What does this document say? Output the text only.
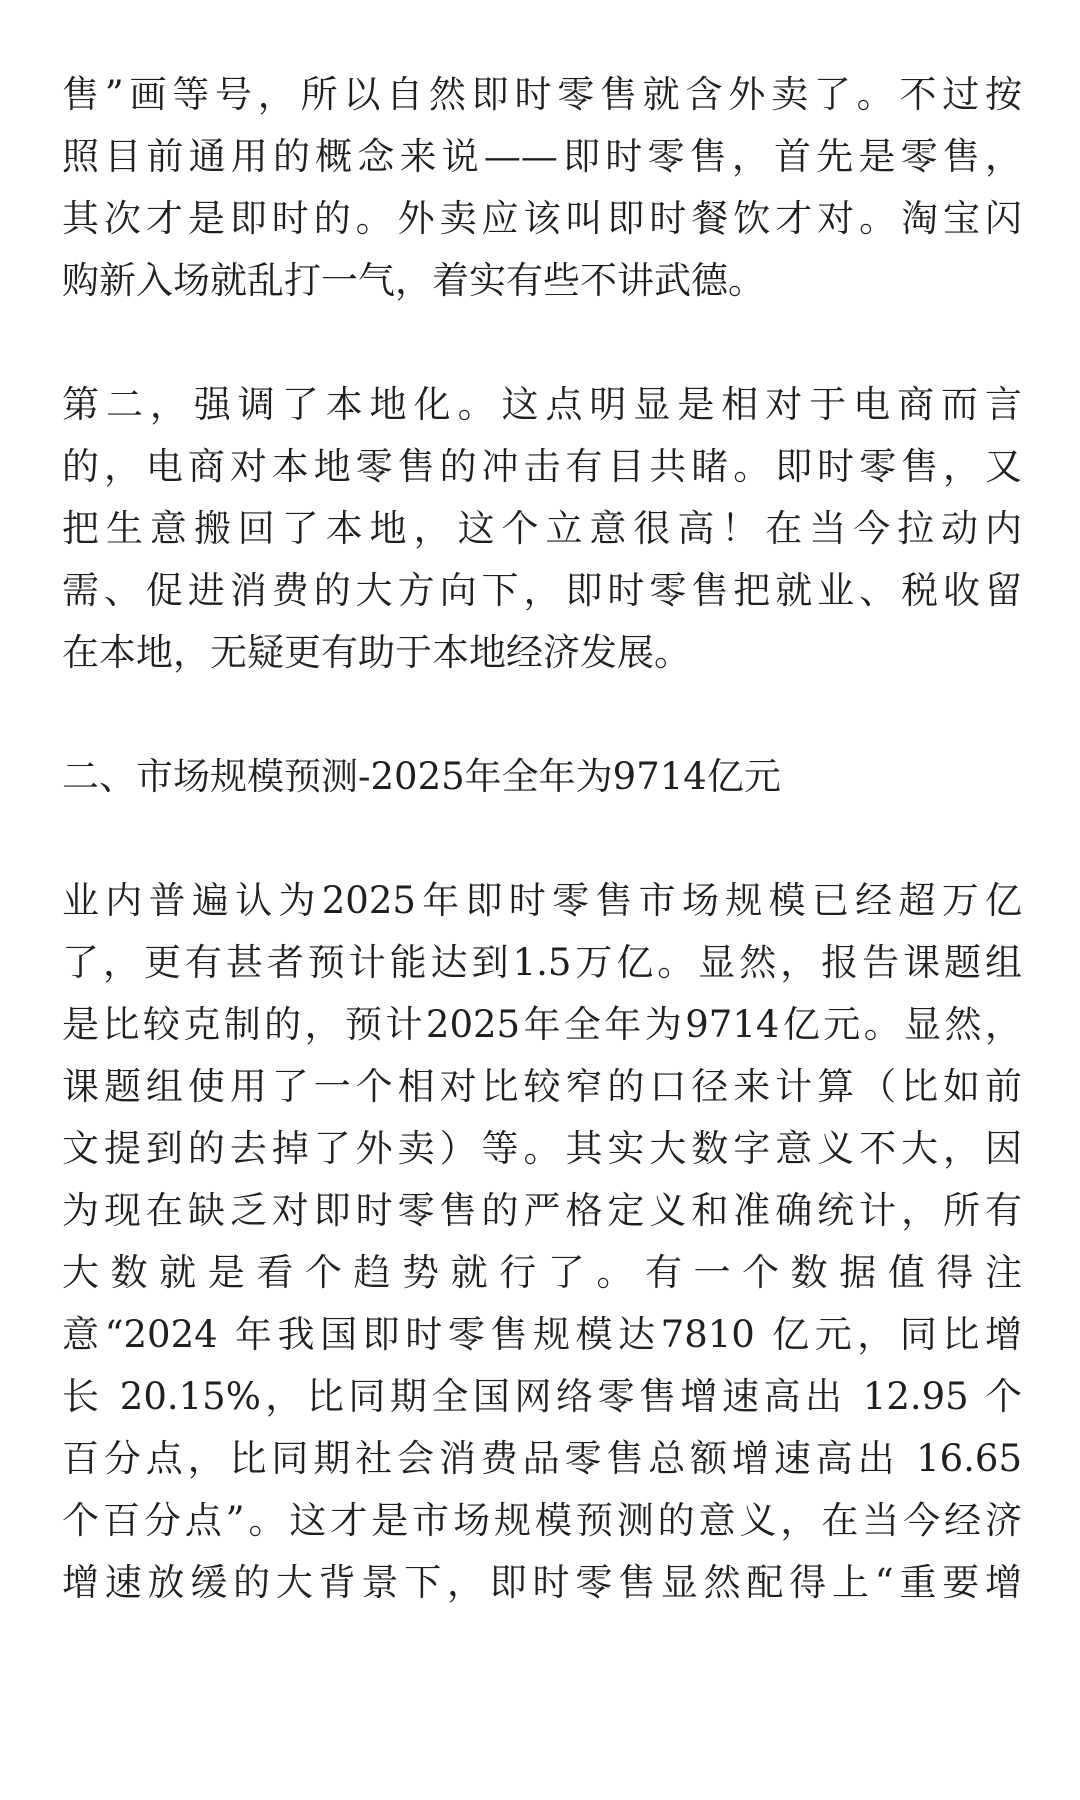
售”画等号，所以自然即时零售就含外卖了。不过按
照目前通用的概念来说——即时零售，首先是零售，
其次才是即时的。外卖应该叫即时餐饮才对。淘宝闪
购新入场就乱打一气，着实有些不讲武德。
第二，强调了本地化。这点明显是相对于电商而言
的，电商对本地零售的冲击有目共睹。即时零售，又
把生意搬回了本地，这个立意很高！在当今拉动内
需、促进消费的大方向下，即时零售把就业、税收留
在本地，无疑更有助于本地经济发展。
二、市场规模预测-2025年全年为9714亿元
业内普遍认为2025年即时零售市场规模已经超万亿
了，更有甚者预计能达到1.5万亿。显然，报告课题组
是比较克制的，预计2025年全年为9714亿元。显然，
课题组使用了一个相对比较窄的口径来计算（比如前
文提到的去掉了外卖）等。其实大数字意义不大，因
为现在缺乏对即时零售的严格定义和准确统计，所有
大数就是看个趋势就行了。有一个数据值得注
意“2024 年我国即时零售规模达7810 亿元，同比增
长 20.15%，比同期全国网络零售增速高出 12.95 个
百分点，比同期社会消费品零售总额增速高出 16.65
个百分点”。这才是市场规模预测的意义，在当今经济
增速放缓的大背景下，即时零售显然配得上“重要增
